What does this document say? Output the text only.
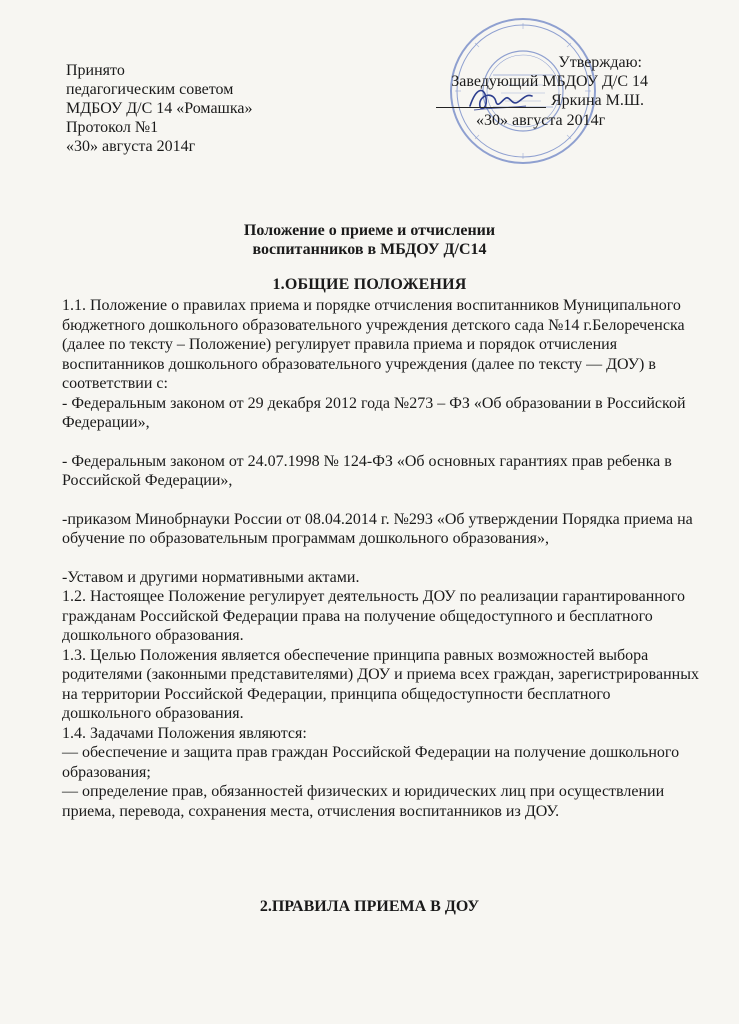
Принято
педагогическим советом
МДБОУ Д/С 14 «Ромашка»
Протокол №1
«30» августа 2014г
Утверждаю:
Заведующий МБДОУ Д/С 14
Яркина М.Ш.
«30» августа 2014г
Положение о приеме и отчислении
воспитанников в МБДОУ Д/С14
1.ОБЩИЕ ПОЛОЖЕНИЯ

1.1. Положение о правилах приема и порядке отчисления воспитанников Муниципального бюджетного дошкольного образовательного учреждения детского сада №14 г.Белореченска (далее по тексту – Положение) регулирует правила приема и порядок отчисления воспитанников дошкольного образовательного учреждения (далее по тексту — ДОУ) в соответствии с:

- Федеральным законом от 29 декабря 2012 года №273 – ФЗ «Об образовании в Российской Федерации»,

- Федеральным законом от 24.07.1998 № 124-ФЗ «Об основных гарантиях прав ребенка в Российской Федерации»,

-приказом Минобрнауки России от 08.04.2014 г. №293 «Об утверждении Порядка приема на обучение по образовательным программам дошкольного образования»,

-Уставом и другими нормативными актами.

1.2. Настоящее Положение регулирует деятельность ДОУ по реализации гарантированного гражданам Российской Федерации права на получение общедоступного и бесплатного дошкольного образования.

1.3. Целью Положения является обеспечение принципа равных возможностей выбора родителями (законными представителями) ДОУ и приема всех граждан, зарегистрированных на территории Российской Федерации, принципа общедоступности бесплатного дошкольного образования.

1.4. Задачами Положения являются:

— обеспечение и защита прав граждан Российской Федерации на получение дошкольного образования;

— определение прав, обязанностей физических и юридических лиц при осуществлении приема, перевода, сохранения места, отчисления воспитанников из ДОУ.

2.ПРАВИЛА ПРИЕМА В ДОУ
